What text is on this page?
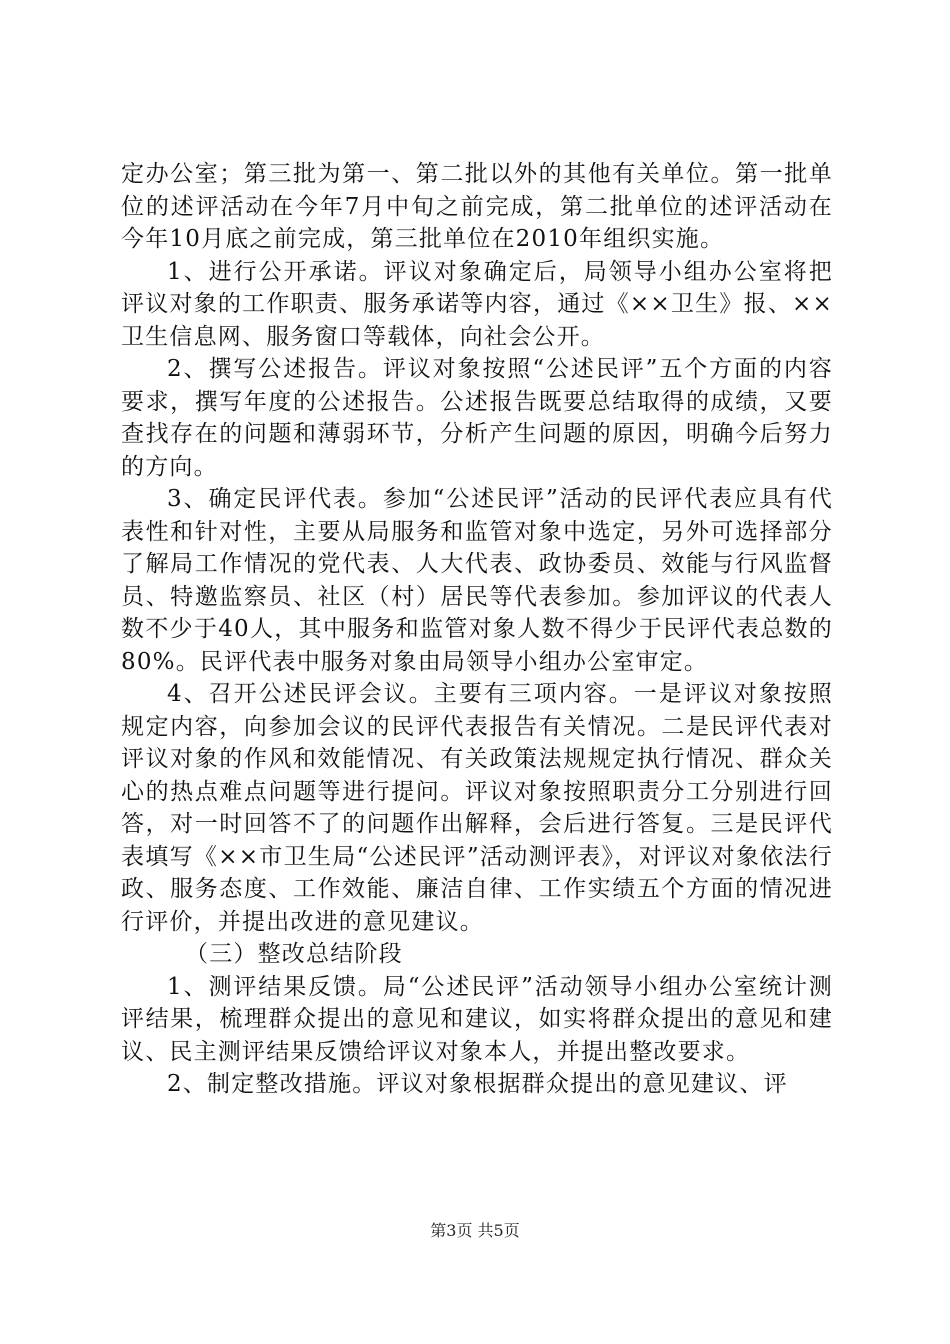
定办公室；第三批为第一、第二批以外的其他有关单位。第一批单位的述评活动在今年7月中旬之前完成，第二批单位的述评活动在今年10月底之前完成，第三批单位在2010年组织实施。

1、进行公开承诺。评议对象确定后，局领导小组办公室将把评议对象的工作职责、服务承诺等内容，通过《××卫生》报、××卫生信息网、服务窗口等载体，向社会公开。

2、撰写公述报告。评议对象按照“公述民评”五个方面的内容要求，撰写年度的公述报告。公述报告既要总结取得的成绩，又要查找存在的问题和薄弱环节，分析产生问题的原因，明确今后努力的方向。

3、确定民评代表。参加“公述民评”活动的民评代表应具有代表性和针对性，主要从局服务和监管对象中选定，另外可选择部分了解局工作情况的党代表、人大代表、政协委员、效能与行风监督员、特邀监察员、社区（村）居民等代表参加。参加评议的代表人数不少于40人，其中服务和监管对象人数不得少于民评代表总数的80%。民评代表中服务对象由局领导小组办公室审定。

4、召开公述民评会议。主要有三项内容。一是评议对象按照规定内容，向参加会议的民评代表报告有关情况。二是民评代表对评议对象的作风和效能情况、有关政策法规规定执行情况、群众关心的热点难点问题等进行提问。评议对象按照职责分工分别进行回答，对一时回答不了的问题作出解释，会后进行答复。三是民评代表填写《××市卫生局“公述民评”活动测评表》，对评议对象依法行政、服务态度、工作效能、廉洁自律、工作实绩五个方面的情况进行评价，并提出改进的意见建议。

（三）整改总结阶段

1、测评结果反馈。局“公述民评”活动领导小组办公室统计测评结果，梳理群众提出的意见和建议，如实将群众提出的意见和建议、民主测评结果反馈给评议对象本人，并提出整改要求。

2、制定整改措施。评议对象根据群众提出的意见建议、评

第3页 共5页
